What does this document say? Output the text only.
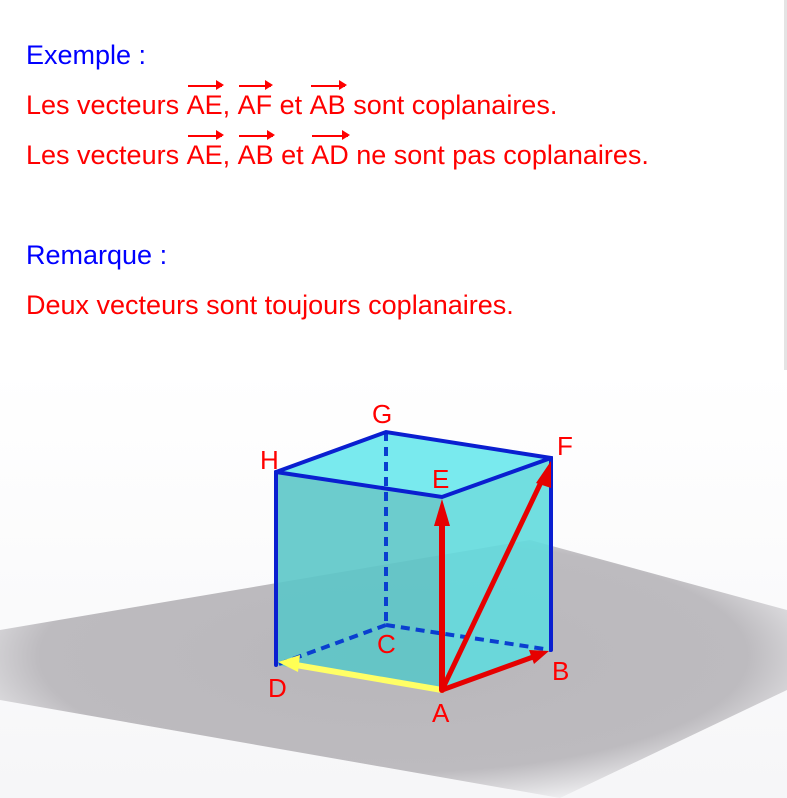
Exemple :
Les vecteurs AE, AF et AB sont coplanaires.
Les vecteurs AE, AB et AD ne sont pas coplanaires.
Remarque :
Deux vecteurs sont toujours coplanaires.
A
B
C
D
E
F
G
H
